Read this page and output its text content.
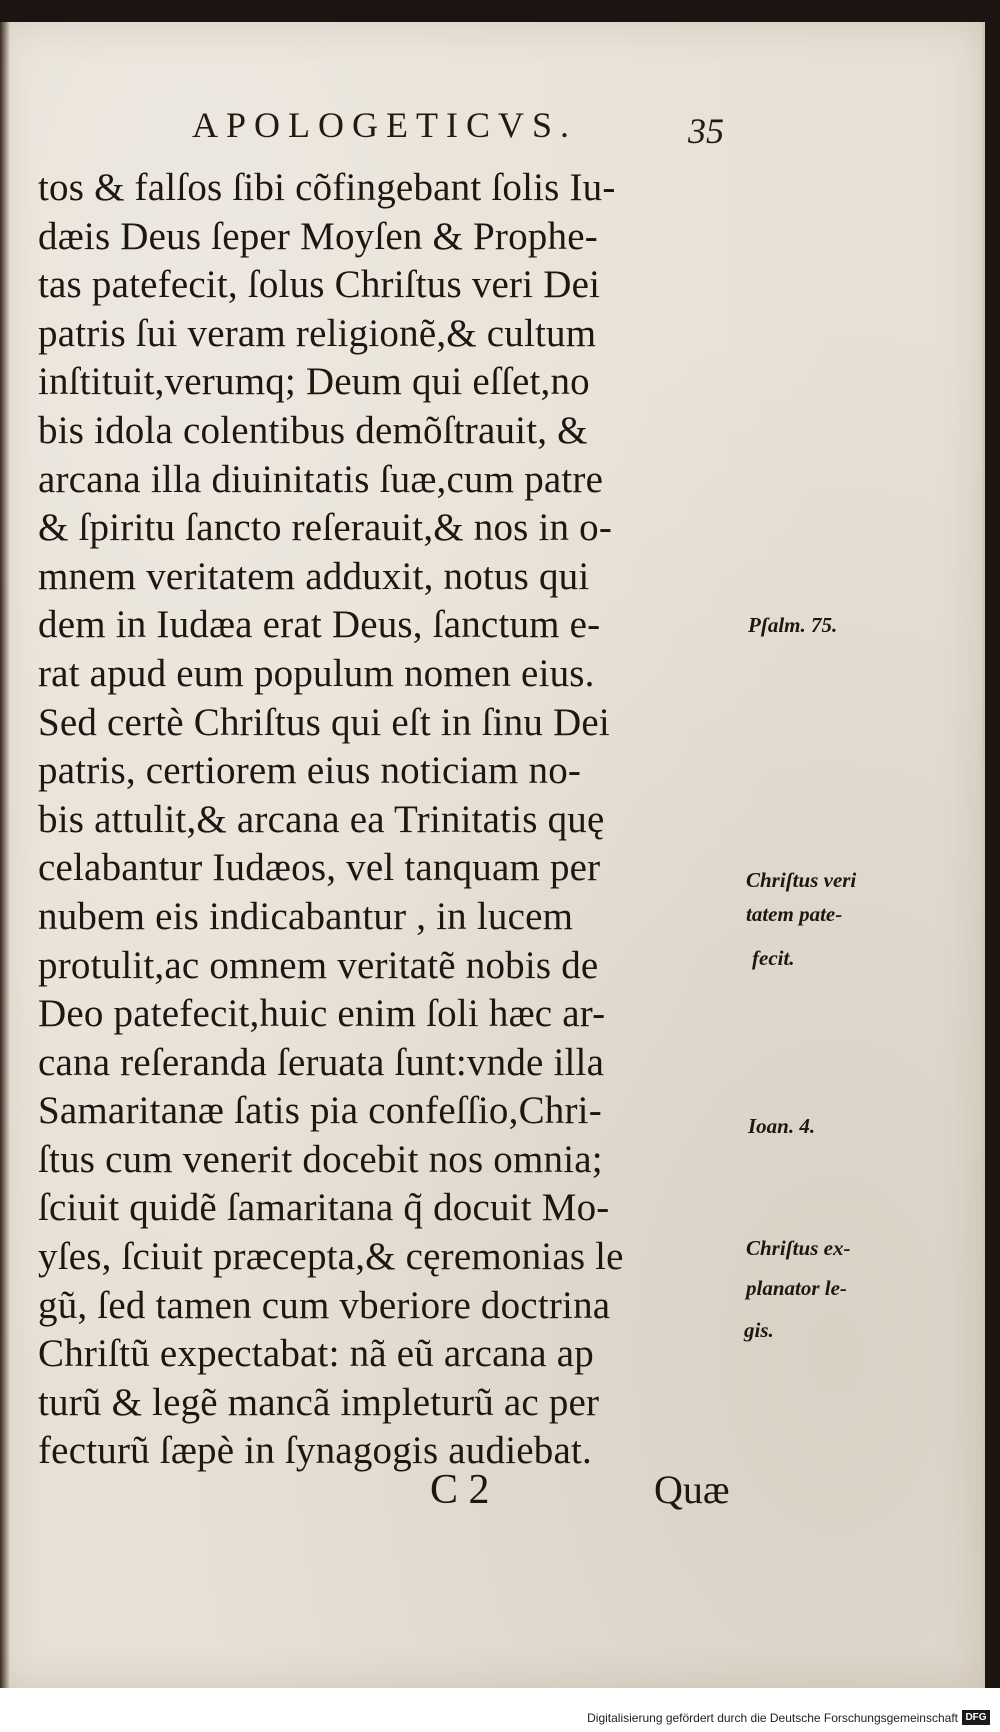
APOLOGETICVS.	35
tos & falſos ſibi cõfingebant ſolis Iu-
dæis Deus ſeper Moyſen & Prophe-
tas patefecit, ſolus Chriſtus veri Dei
patris ſui veram religionẽ,& cultum
inſtituit,verumq; Deum qui eſſet,no
bis idola colentibus demõſtrauit, &
arcana illa diuinitatis ſuæ,cum patre
& ſpiritu ſancto reſerauit,& nos in o-
mnem veritatem adduxit, notus qui
dem in Iudæa erat Deus, ſanctum e-
rat apud eum populum nomen eius.
Sed certè Chriſtus qui eſt in ſinu Dei
patris, certiorem eius noticiam no-
bis attulit,& arcana ea Trinitatis quę
celabantur Iudæos, vel tanquam per
nubem eis indicabantur , in lucem
protulit,ac omnem veritatẽ nobis de
Deo patefecit,huic enim ſoli hæc ar-
cana reſeranda ſeruata ſunt:vnde illa
Samaritanæ ſatis pia confeſſio,Chri-
ſtus cum venerit docebit nos omnia;
ſciuit quidẽ ſamaritana q̃ docuit Mo-
yſes, ſciuit præcepta,& cęremonias le
gũ, ſed tamen cum vberiore doctrina
Chriſtũ expectabat: nã eũ arcana ap
turũ & legẽ mancã impleturũ ac per
fecturũ ſæpè in ſynagogis audiebat.
Pſalm. 75.
Chriſtus veri
tatem pate-
fecit.
Ioan. 4.
Chriſtus ex-
planator le-
gis.
C 2	Quæ
Digitalisierung gefördert durch die Deutsche Forschungsgemeinschaft DFG
